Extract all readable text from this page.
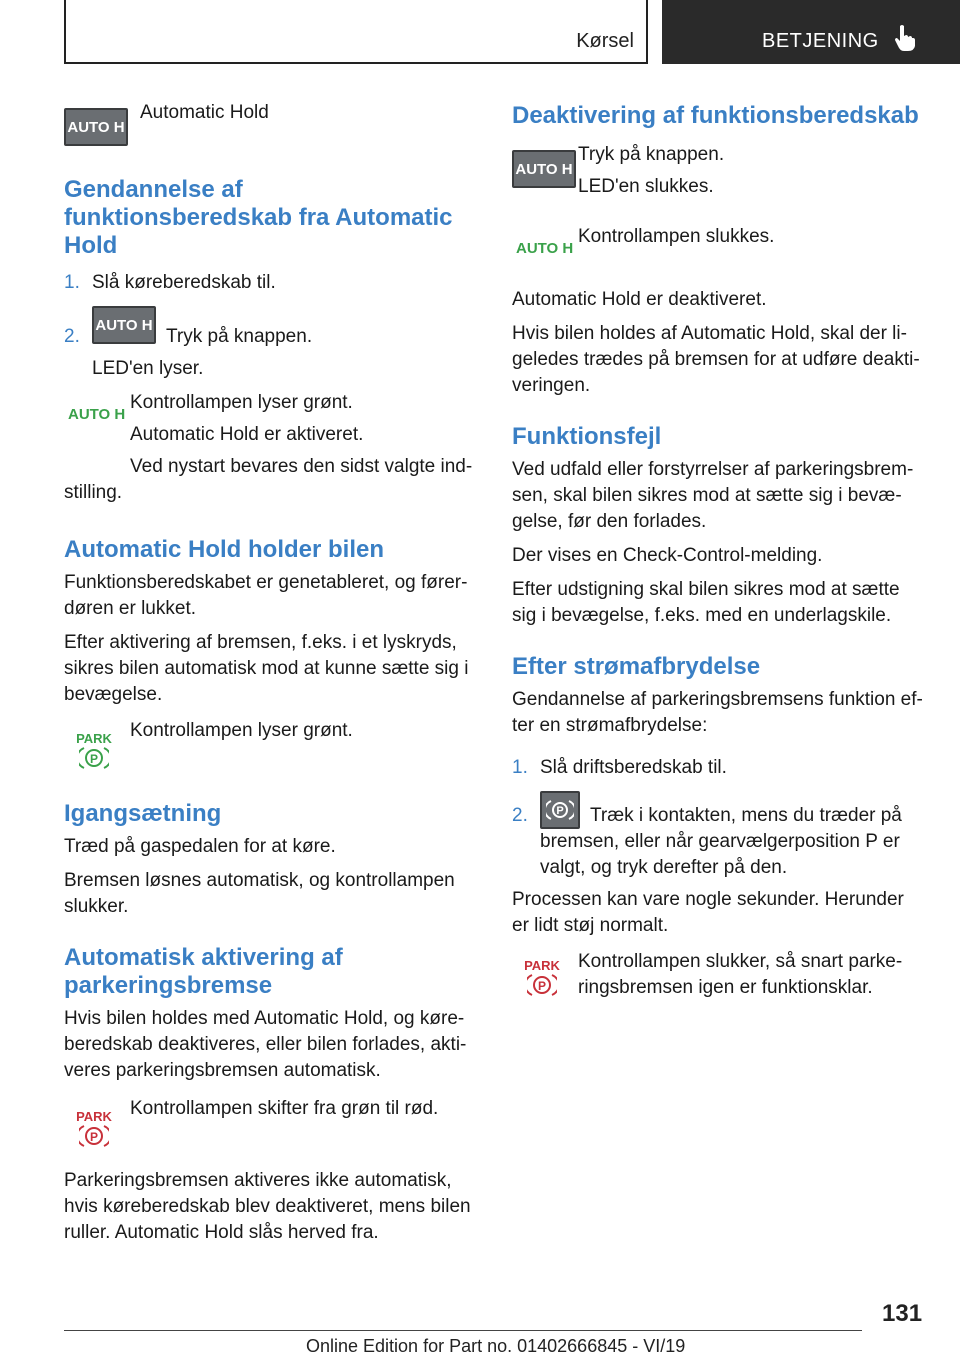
Kørsel	BETJENING
AUTO H

Automatic Hold

Gendannelse af funktionsberedskab fra Automatic Hold
1. Slå køreberedskab til.

2.
AUTO H

Tryk på knappen.

LED'en lyser.

AUTO H

Kontrollampen lyser grønt.

Automatic Hold er aktiveret.

Ved nystart bevares den sidst valgte ind-stilling.

Automatic Hold holder bilen

Funktionsberedskabet er genetableret, og fører-døren er lukket.

Efter aktivering af bremsen, f.eks. i et lyskryds, sikres bilen automatisk mod at kunne sætte sig i bevægelse.

PARK
P

Kontrollampen lyser grønt.

Igangsætning

Træd på gaspedalen for at køre.

Bremsen løsnes automatisk, og kontrollampen slukker.

Automatisk aktivering af parkeringsbremse

Hvis bilen holdes med Automatic Hold, og køre-beredskab deaktiveres, eller bilen forlades, akti-veres parkeringsbremsen automatisk.

PARK
P

Kontrollampen skifter fra grøn til rød.

Parkeringsbremsen aktiveres ikke automatisk, hvis køreberedskab blev deaktiveret, mens bilen ruller. Automatic Hold slås herved fra.

Deaktivering af funktionsberedskab
AUTO H

Tryk på knappen.

LED'en slukkes.

AUTO H

Kontrollampen slukkes.

Automatic Hold er deaktiveret.

Hvis bilen holdes af Automatic Hold, skal der li-geledes trædes på bremsen for at udføre deakti-veringen.

Funktionsfejl

Ved udfald eller forstyrrelser af parkeringsbrem-sen, skal bilen sikres mod at sætte sig i bevæ-gelse, før den forlades.

Der vises en Check-Control-melding.

Efter udstigning skal bilen sikres mod at sætte sig i bevægelse, f.eks. med en underlagskile.

Efter strømafbrydelse

Gendannelse af parkeringsbremsens funktion ef-ter en strømafbrydelse:

1. Slå driftsberedskab til.

2.	P	Træk i kontakten, mens du træder på bremsen, eller når gearvælgerposition P er valgt, og tryk derefter på den.

Processen kan vare nogle sekunder. Herunder er lidt støj normalt.

PARK
P

Kontrollampen slukker, så snart parke-ringsbremsen igen er funktionsklar.

131
Online Edition for Part no. 01402666845 - VI/19
